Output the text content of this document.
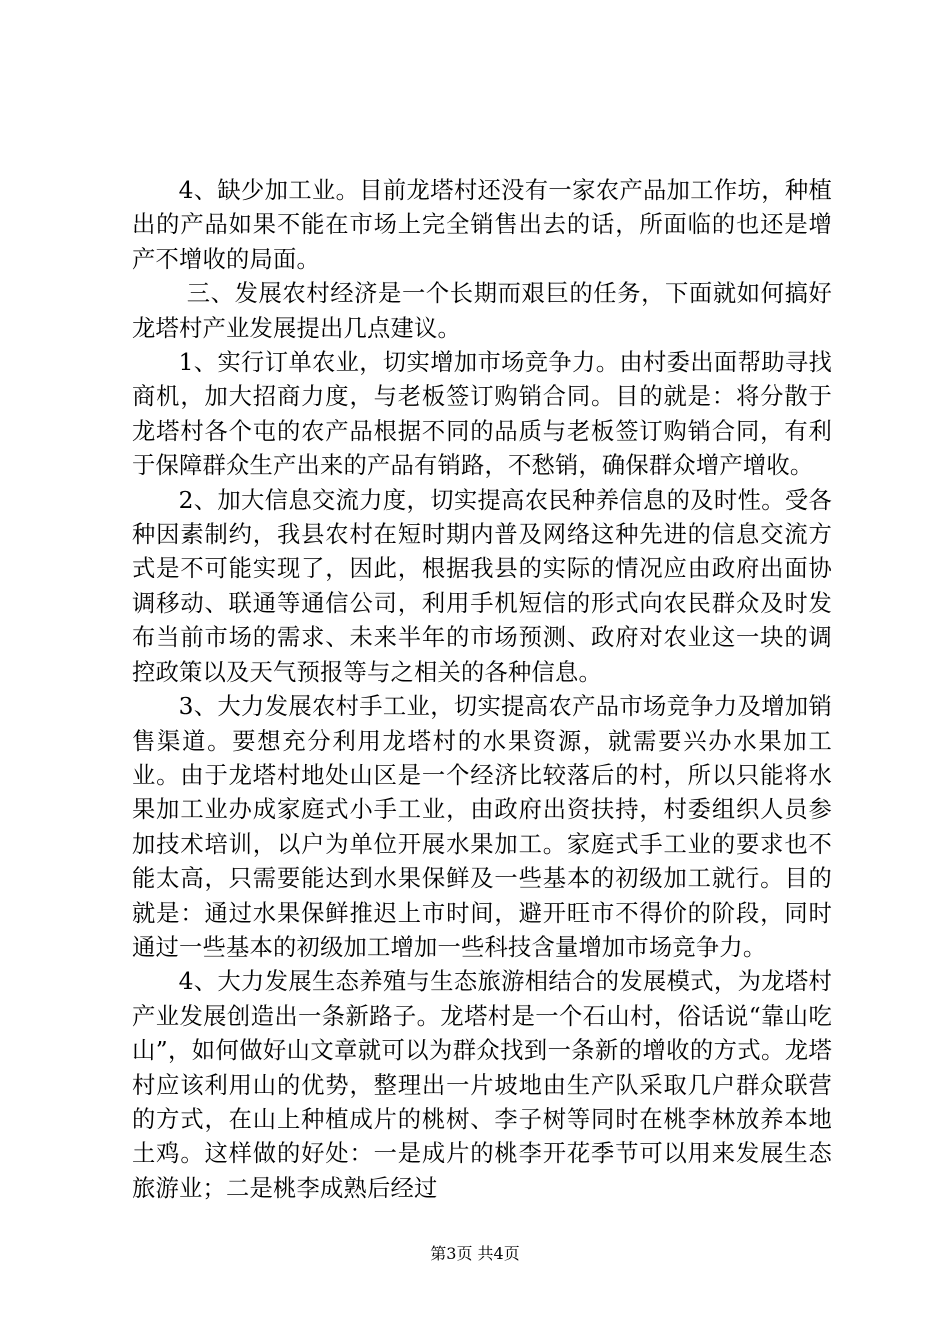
4、缺少加工业。目前龙塔村还没有一家农产品加工作坊，种植出的产品如果不能在市场上完全销售出去的话，所面临的也还是增产不增收的局面。

三、发展农村经济是一个长期而艰巨的任务，下面就如何搞好龙塔村产业发展提出几点建议。

1、实行订单农业，切实增加市场竞争力。由村委出面帮助寻找商机，加大招商力度，与老板签订购销合同。目的就是：将分散于龙塔村各个屯的农产品根据不同的品质与老板签订购销合同，有利于保障群众生产出来的产品有销路，不愁销，确保群众增产增收。

2、加大信息交流力度，切实提高农民种养信息的及时性。受各种因素制约，我县农村在短时期内普及网络这种先进的信息交流方式是不可能实现了，因此，根据我县的实际的情况应由政府出面协调移动、联通等通信公司，利用手机短信的形式向农民群众及时发布当前市场的需求、未来半年的市场预测、政府对农业这一块的调控政策以及天气预报等与之相关的各种信息。

3、大力发展农村手工业，切实提高农产品市场竞争力及增加销售渠道。要想充分利用龙塔村的水果资源，就需要兴办水果加工业。由于龙塔村地处山区是一个经济比较落后的村，所以只能将水果加工业办成家庭式小手工业，由政府出资扶持，村委组织人员参加技术培训，以户为单位开展水果加工。家庭式手工业的要求也不能太高，只需要能达到水果保鲜及一些基本的初级加工就行。目的就是：通过水果保鲜推迟上市时间，避开旺市不得价的阶段，同时通过一些基本的初级加工增加一些科技含量增加市场竞争力。

4、大力发展生态养殖与生态旅游相结合的发展模式，为龙塔村产业发展创造出一条新路子。龙塔村是一个石山村，俗话说“靠山吃山”，如何做好山文章就可以为群众找到一条新的增收的方式。龙塔村应该利用山的优势，整理出一片坡地由生产队采取几户群众联营的方式，在山上种植成片的桃树、李子树等同时在桃李林放养本地土鸡。这样做的好处：一是成片的桃李开花季节可以用来发展生态旅游业；二是桃李成熟后经过

第3页 共4页
